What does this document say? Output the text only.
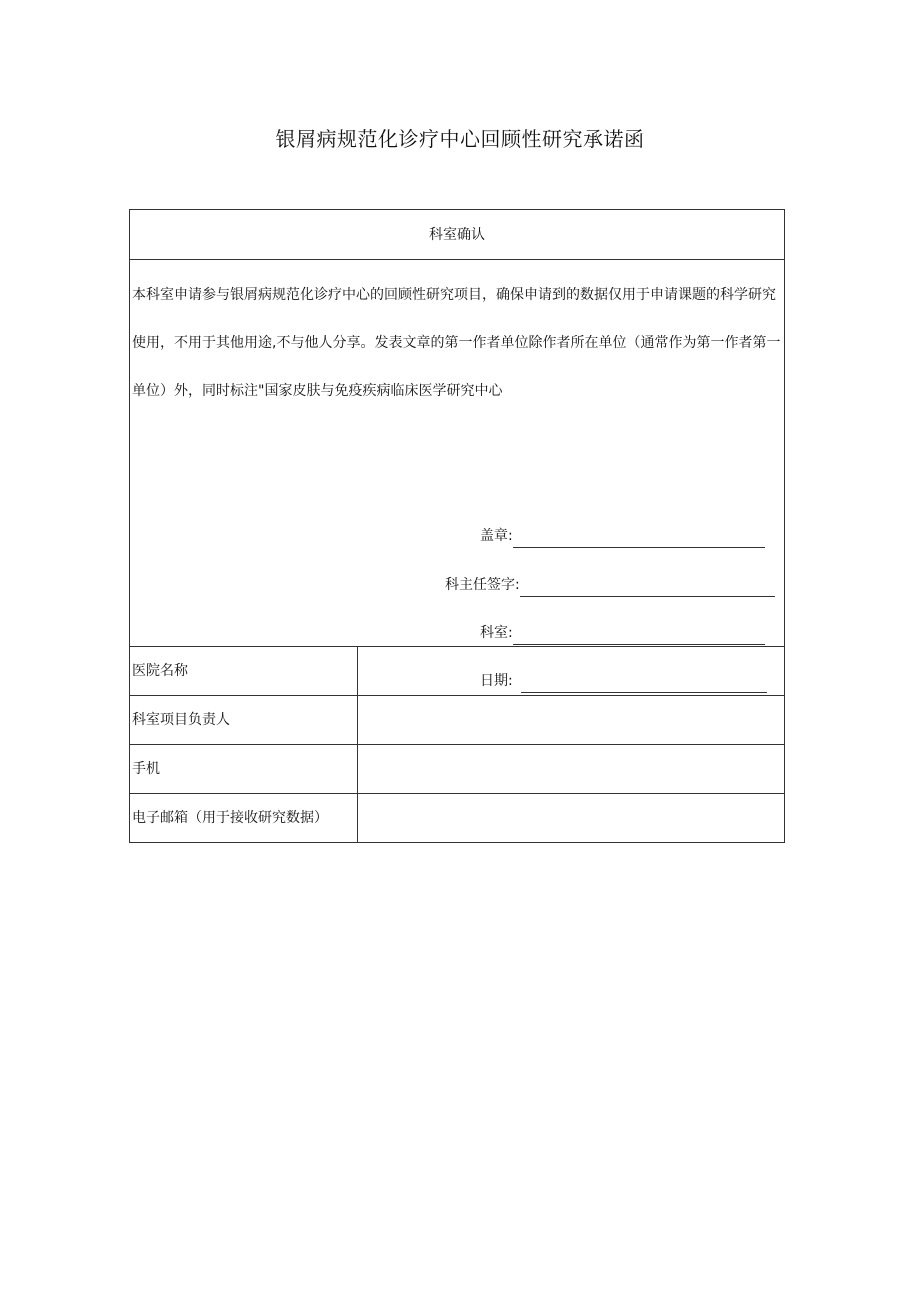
银屑病规范化诊疗中心回顾性研究承诺函
科室确认

本科室申请参与银屑病规范化诊疗中心的回顾性研究项目，确保申请到的数据仅用于申请课题的科学研究使用，不用于其他用途,不与他人分享。发表文章的第一作者单位除作者所在单位（通常作为第一作者第一单位）外，同时标注"国家皮肤与免疫疾病临床医学研究中心

盖章:
科主任签字:
科室:
日期:
医院名称
科室项目负责人
手机
电子邮箱（用于接收研究数据）
